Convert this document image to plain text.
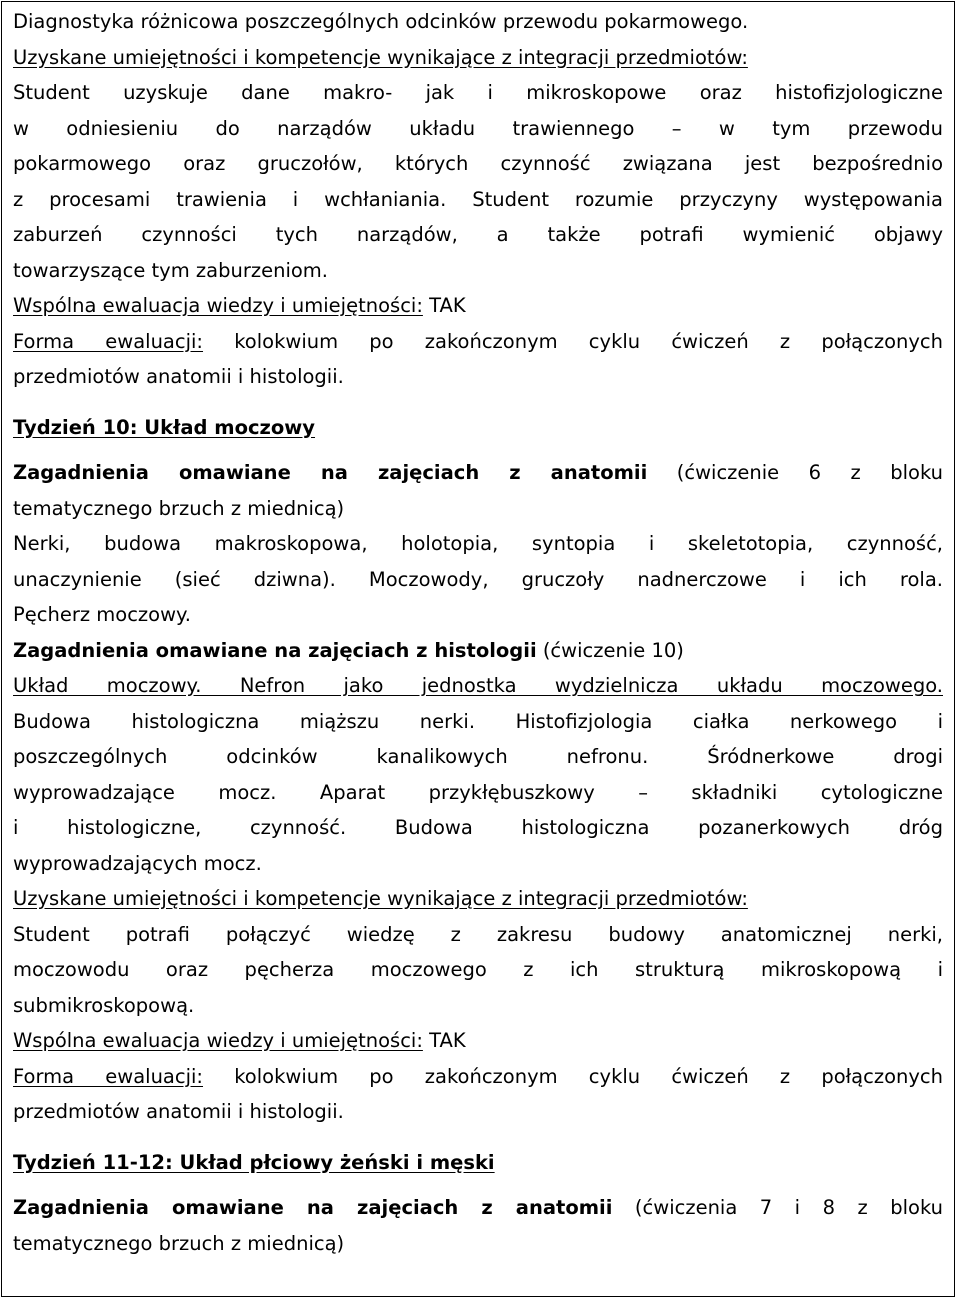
Diagnostyka różnicowa poszczególnych odcinków przewodu pokarmowego.
Uzyskane umiejętności i kompetencje wynikające z integracji przedmiotów:
Student uzyskuje dane makro- jak i mikroskopowe oraz histofizjologiczne
w odniesieniu do narządów układu trawiennego – w tym przewodu
pokarmowego oraz gruczołów, których czynność związana jest bezpośrednio
z procesami trawienia i wchłaniania. Student rozumie przyczyny występowania
zaburzeń czynności tych narządów, a także potrafi wymienić objawy
towarzyszące tym zaburzeniom.
Wspólna ewaluacja wiedzy i umiejętności: TAK
Forma ewaluacji: kolokwium po zakończonym cyklu ćwiczeń z połączonych
przedmiotów anatomii i histologii.
Tydzień 10: Układ moczowy
Zagadnienia omawiane na zajęciach z anatomii (ćwiczenie 6 z bloku
tematycznego brzuch z miednicą)
Nerki, budowa makroskopowa, holotopia, syntopia i skeletotopia, czynność,
unaczynienie (sieć dziwna). Moczowody, gruczoły nadnerczowe i ich rola.
Pęcherz moczowy.
Zagadnienia omawiane na zajęciach z histologii (ćwiczenie 10)
Układ moczowy. Nefron jako jednostka wydzielnicza układu moczowego.
Budowa histologiczna miąższu nerki. Histofizjologia ciałka nerkowego i
poszczególnych odcinków kanalikowych nefronu. Śródnerkowe drogi
wyprowadzające mocz. Aparat przykłębuszkowy – składniki cytologiczne
i histologiczne, czynność. Budowa histologiczna pozanerkowych dróg
wyprowadzających mocz.
Uzyskane umiejętności i kompetencje wynikające z integracji przedmiotów:
Student potrafi połączyć wiedzę z zakresu budowy anatomicznej nerki,
moczowodu oraz pęcherza moczowego z ich strukturą mikroskopową i
submikroskopową.
Wspólna ewaluacja wiedzy i umiejętności: TAK
Forma ewaluacji: kolokwium po zakończonym cyklu ćwiczeń z połączonych
przedmiotów anatomii i histologii.
Tydzień 11-12: Układ płciowy żeński i męski
Zagadnienia omawiane na zajęciach z anatomii (ćwiczenia 7 i 8 z bloku
tematycznego brzuch z miednicą)
